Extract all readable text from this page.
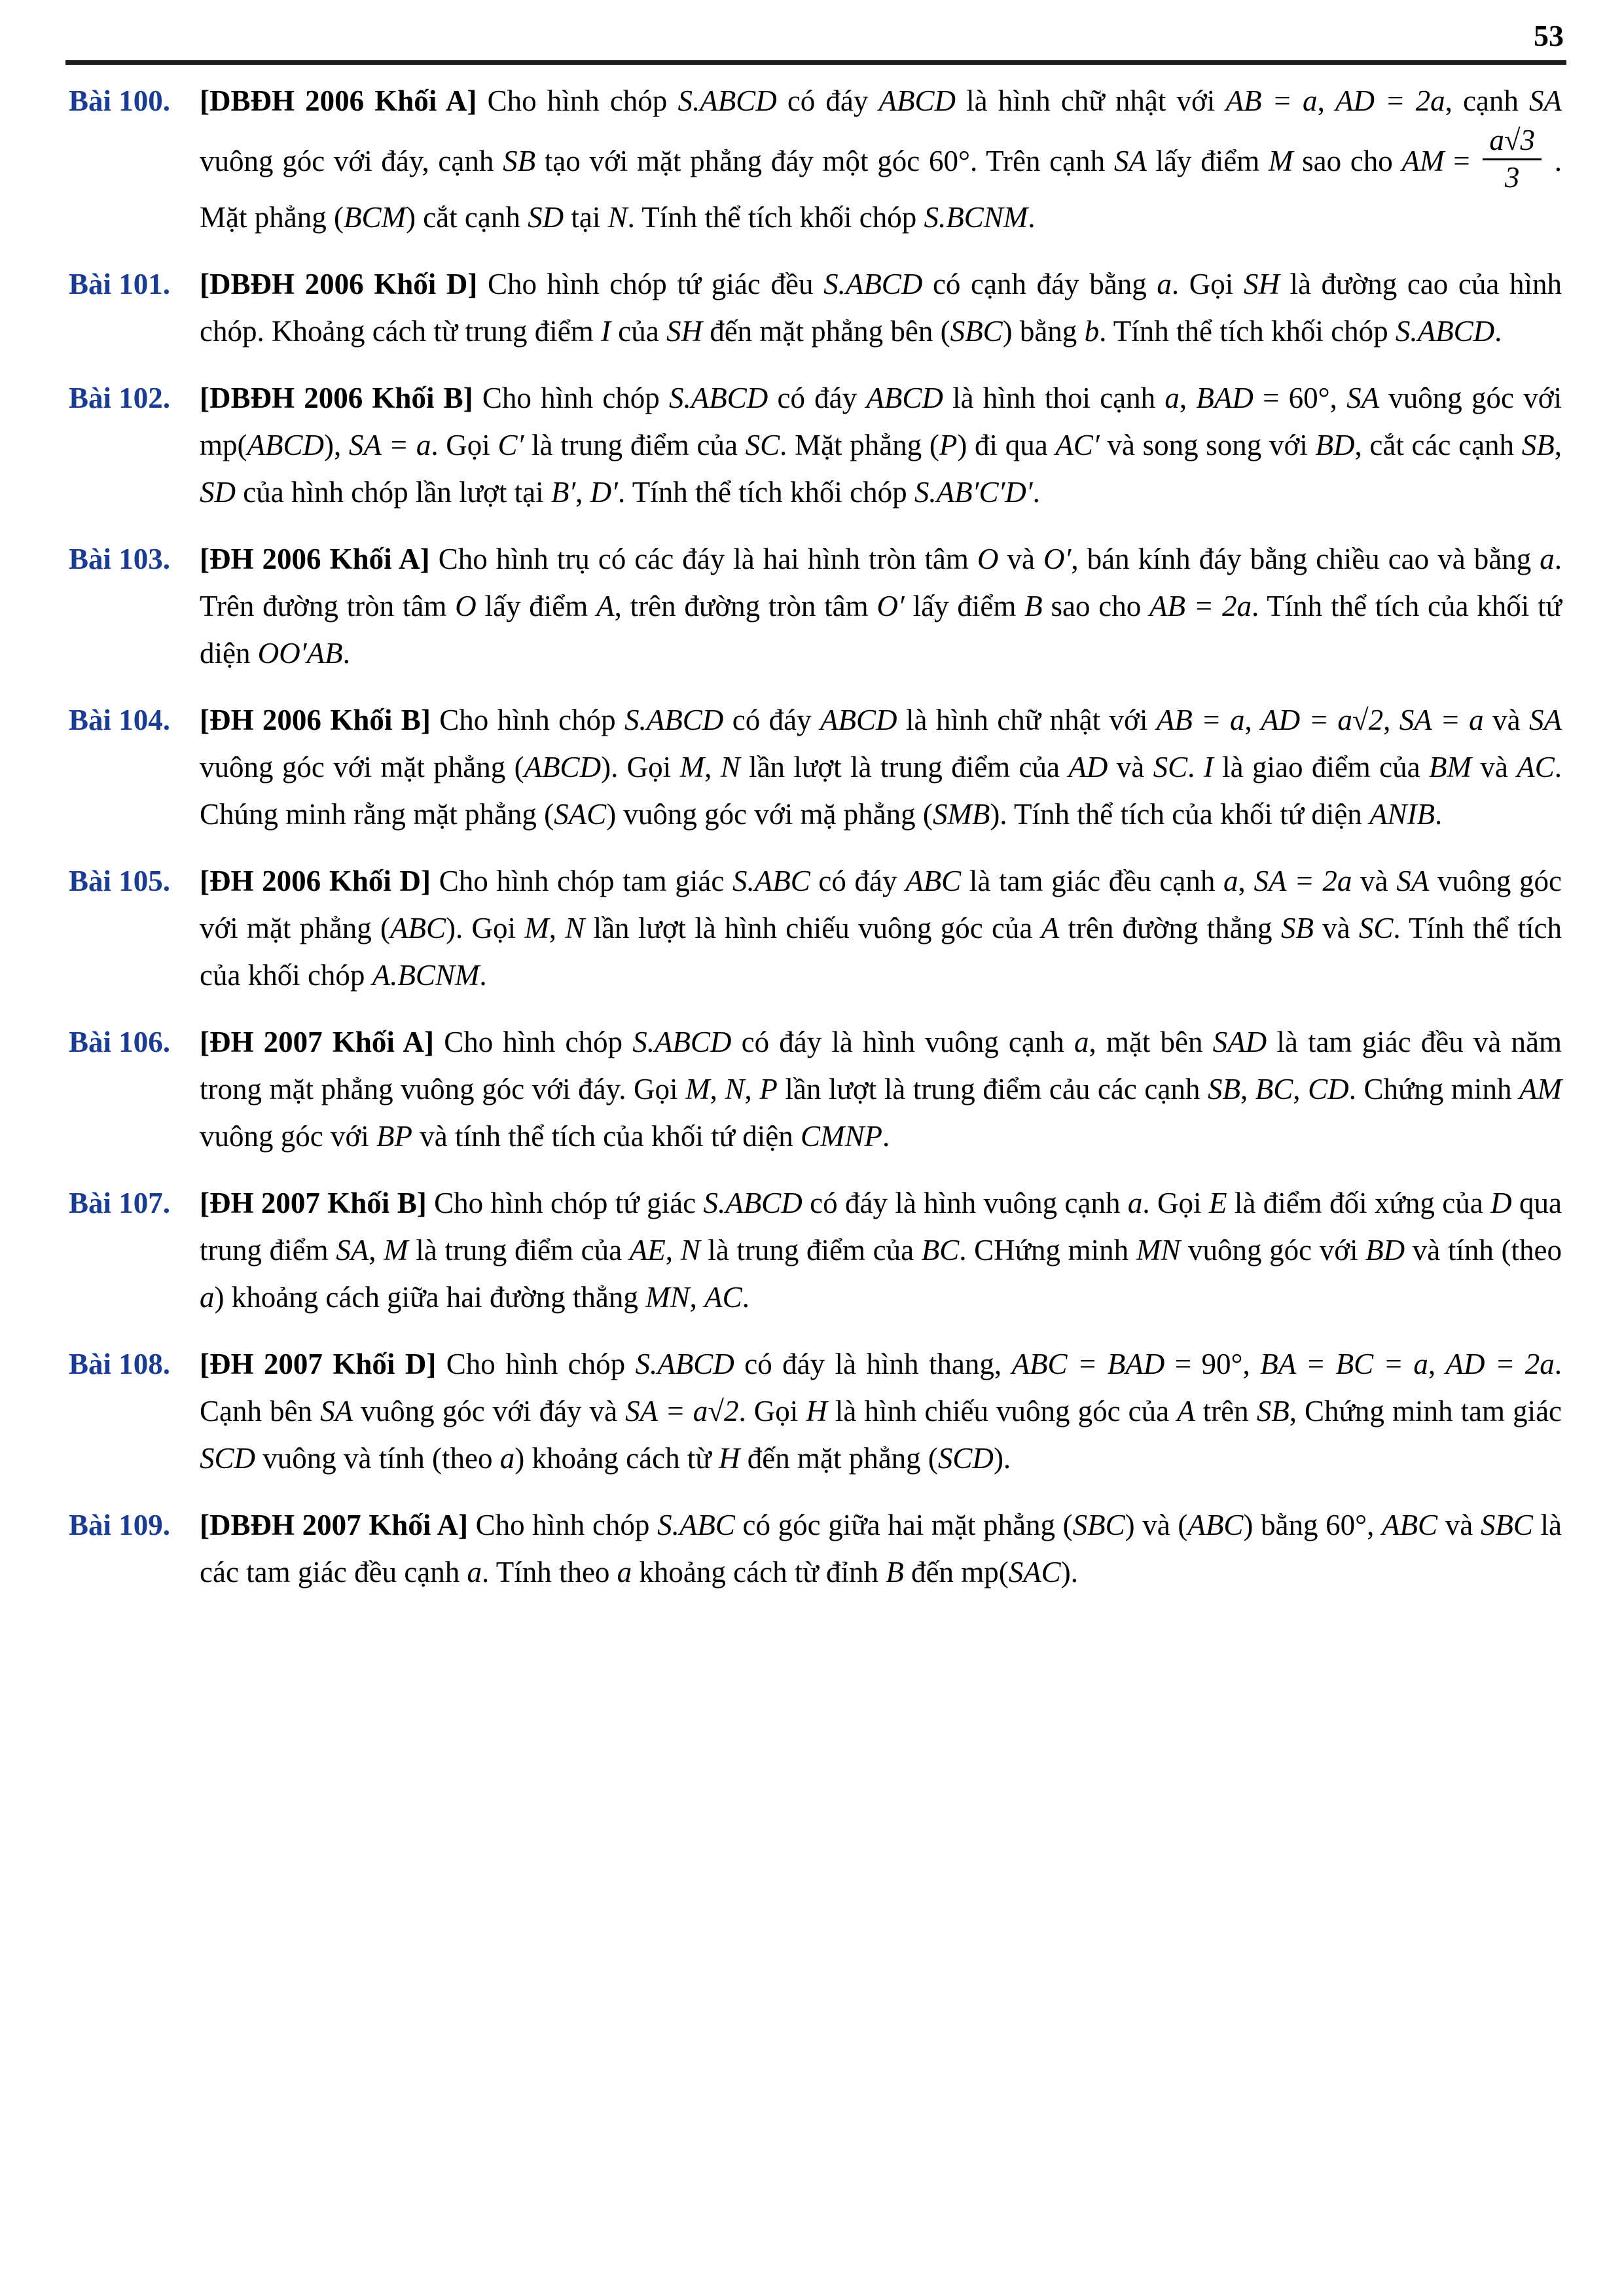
53
Bài 100. [DBĐH 2006 Khối A] Cho hình chóp S.ABCD có đáy ABCD là hình chữ nhật với AB = a, AD = 2a, cạnh SA vuông góc với đáy, cạnh SB tạo với mặt phẳng đáy một góc 60°. Trên cạnh SA lấy điểm M sao cho AM = $\frac{a√3}{3}$ . Mặt phẳng (BCM) cắt cạnh SD tại N. Tính thể tích khối chóp S.BCNM.
Bài 101. [DBĐH 2006 Khối D] Cho hình chóp tứ giác đều S.ABCD có cạnh đáy bằng a. Gọi SH là đường cao của hình chóp. Khoảng cách từ trung điểm I của SH đến mặt phẳng bên (SBC) bằng b. Tính thể tích khối chóp S.ABCD.
Bài 102. [DBĐH 2006 Khối B] Cho hình chóp S.ABCD có đáy ABCD là hình thoi cạnh a, BAD = 60°, SA vuông góc với mp(ABCD), SA = a. Gọi C′ là trung điểm của SC. Mặt phẳng (P) đi qua AC′ và song song với BD, cắt các cạnh SB, SD của hình chóp lần lượt tại B′, D′. Tính thể tích khối chóp S.AB′C′D′.
Bài 103. [ĐH 2006 Khối A] Cho hình trụ có các đáy là hai hình tròn tâm O và O′, bán kính đáy bằng chiều cao và bằng a. Trên đường tròn tâm O lấy điểm A, trên đường tròn tâm O′ lấy điểm B sao cho AB = 2a. Tính thể tích của khối tứ diện OO′AB.
Bài 104. [ĐH 2006 Khối B] Cho hình chóp S.ABCD có đáy ABCD là hình chữ nhật với AB = a, AD = a√2, SA = a và SA vuông góc với mặt phẳng (ABCD). Gọi M, N lần lượt là trung điểm của AD và SC. I là giao điểm của BM và AC. Chúng minh rằng mặt phẳng (SAC) vuông góc với mặ phẳng (SMB). Tính thể tích của khối tứ diện ANIB.
Bài 105. [ĐH 2006 Khối D] Cho hình chóp tam giác S.ABC có đáy ABC là tam giác đều cạnh a, SA = 2a và SA vuông góc với mặt phẳng (ABC). Gọi M, N lần lượt là hình chiếu vuông góc của A trên đường thẳng SB và SC. Tính thể tích của khối chóp A.BCNM.
Bài 106. [ĐH 2007 Khối A] Cho hình chóp S.ABCD có đáy là hình vuông cạnh a, mặt bên SAD là tam giác đều và năm trong mặt phẳng vuông góc với đáy. Gọi M, N, P lần lượt là trung điểm cảu các cạnh SB, BC, CD. Chứng minh AM vuông góc với BP và tính thể tích của khối tứ diện CMNP.
Bài 107. [ĐH 2007 Khối B] Cho hình chóp tứ giác S.ABCD có đáy là hình vuông cạnh a. Gọi E là điểm đối xứng của D qua trung điểm SA, M là trung điểm của AE, N là trung điểm của BC. CHứng minh MN vuông góc với BD và tính (theo a) khoảng cách giữa hai đường thẳng MN, AC.
Bài 108. [ĐH 2007 Khối D] Cho hình chóp S.ABCD có đáy là hình thang, ABC = BAD = 90°, BA = BC = a, AD = 2a. Cạnh bên SA vuông góc với đáy và SA = a√2. Gọi H là hình chiếu vuông góc của A trên SB, Chứng minh tam giác SCD vuông và tính (theo a) khoảng cách từ H đến mặt phẳng (SCD).
Bài 109. [DBĐH 2007 Khối A] Cho hình chóp S.ABC có góc giữa hai mặt phẳng (SBC) và (ABC) bằng 60°, ABC và SBC là các tam giác đều cạnh a. Tính theo a khoảng cách từ đỉnh B đến mp(SAC).
